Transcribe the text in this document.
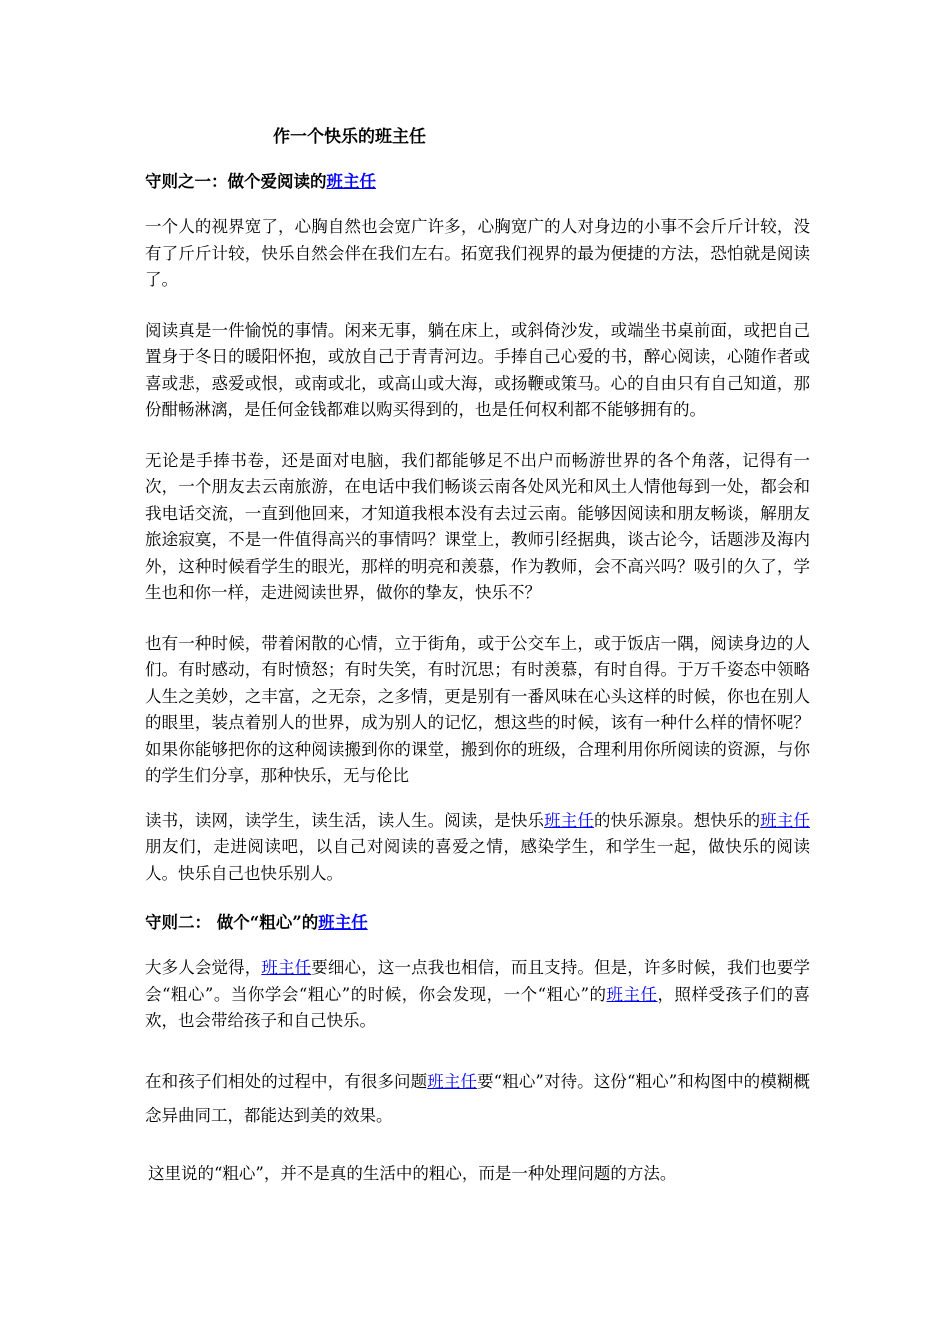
作一个快乐的班主任

守则之一：做个爱阅读的班主任

一个人的视界宽了，心胸自然也会宽广许多，心胸宽广的人对身边的小事不会斤斤计较，没有了斤斤计较，快乐自然会伴在我们左右。拓宽我们视界的最为便捷的方法，恐怕就是阅读了。

阅读真是一件愉悦的事情。闲来无事，躺在床上，或斜倚沙发，或端坐书桌前面，或把自己置身于冬日的暖阳怀抱，或放自己于青青河边。手捧自己心爱的书，醉心阅读，心随作者或喜或悲，惑爱或恨，或南或北，或高山或大海，或扬鞭或策马。心的自由只有自己知道，那份酣畅淋漓，是任何金钱都难以购买得到的，也是任何权利都不能够拥有的。

无论是手捧书卷，还是面对电脑，我们都能够足不出户而畅游世界的各个角落，记得有一次，一个朋友去云南旅游，在电话中我们畅谈云南各处风光和风土人情他每到一处，都会和我电话交流，一直到他回来，才知道我根本没有去过云南。能够因阅读和朋友畅谈，解朋友旅途寂寞，不是一件值得高兴的事情吗？课堂上，教师引经据典，谈古论今，话题涉及海内外，这种时候看学生的眼光，那样的明亮和羡慕，作为教师，会不高兴吗？吸引的久了，学生也和你一样，走进阅读世界，做你的挚友，快乐不？

也有一种时候，带着闲散的心情，立于街角，或于公交车上，或于饭店一隅，阅读身边的人们。有时感动，有时愤怒；有时失笑，有时沉思；有时羡慕，有时自得。于万千姿态中领略人生之美妙，之丰富，之无奈，之多情，更是别有一番风味在心头这样的时候，你也在别人的眼里，装点着别人的世界，成为别人的记忆，想这些的时候，该有一种什么样的情怀呢？如果你能够把你的这种阅读搬到你的课堂，搬到你的班级，合理利用你所阅读的资源，与你的学生们分享，那种快乐，无与伦比

读书，读网，读学生，读生活，读人生。阅读，是快乐班主任的快乐源泉。想快乐的班主任朋友们，走进阅读吧，以自己对阅读的喜爱之情，感染学生，和学生一起，做快乐的阅读人。快乐自己也快乐别人。

守则二： 做个“粗心”的班主任

大多人会觉得，班主任要细心，这一点我也相信，而且支持。但是，许多时候，我们也要学会“粗心”。当你学会“粗心”的时候，你会发现，一个“粗心”的班主任，照样受孩子们的喜欢，也会带给孩子和自己快乐。

在和孩子们相处的过程中，有很多问题班主任要“粗心”对待。这份“粗心”和构图中的模糊概念异曲同工，都能达到美的效果。

这里说的“粗心”，并不是真的生活中的粗心，而是一种处理问题的方法。
